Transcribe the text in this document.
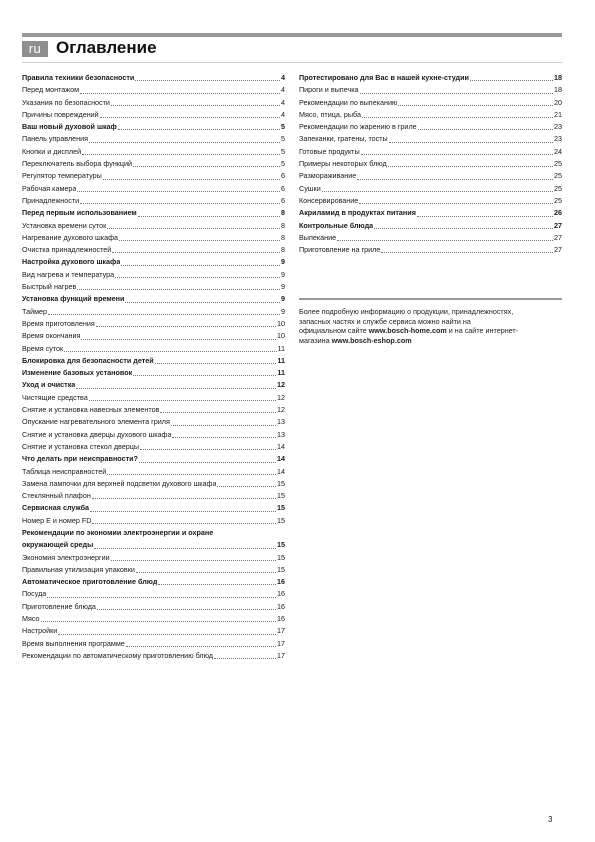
ru Оглавление
Правила техники безопасности	4
Перед монтажом	4
Указания по безопасности	4
Причины повреждений	4
Ваш новый духовой шкаф	5
Панель управления	5
Кнопки и дисплей	5
Переключатель выбора функций	5
Регулятор температуры	6
Рабочая камера	6
Принадлежности	6
Перед первым использованием	8
Установка времени суток	8
Нагревание духового шкафа	8
Очистка принадлежностей	8
Настройка духового шкафа	9
Вид нагрева и температура	9
Быстрый нагрев	9
Установка функций времени	9
Таймер	9
Время приготовления	10
Время окончания	10
Время суток	11
Блокировка для безопасности детей	11
Изменение базовых установок	11
Уход и очистка	12
Чистящие средства	12
Снятие и установка навесных элементов	12
Опускание нагревательного элемента гриля	13
Снятие и установка дверцы духового шкафа	13
Снятие и установка стекол дверцы	14
Что делать при неисправности?	14
Таблица неисправностей	14
Замена лампочки для верхней подсветки духового шкафа	15
Стеклянный плафон	15
Сервисная служба	15
Номер E и номер FD	15
Рекомендации по экономии электроэнергии и охране
окружающей среды	15
Экономия электроэнергии	15
Правильная утилизация упаковки	15
Автоматическое приготовление блюд	16
Посуда	16
Приготовление блюда	16
Мясо	16
Настройки	17
Время выполнения программе	17
Рекомендации по автоматическому приготовлению блюд	17
Протестировано для Вас в нашей кухне-студии	18
Пироги и выпечка	18
Рекомендации по выпеканию	20
Мясо, птица, рыба	21
Рекомендации по жарению в гриле	23
Запеканки, гратены, тосты	23
Готовые продукты	24
Примеры некоторых блюд	25
Размораживание	25
Сушки	25
Консервирование	25
Акриламид в продуктах питания	26
Контрольные блюда	27
Выпекание	27
Приготовление на гриле	27
Более подробную информацию о продукции, принадлежностях,
запасных частях и службе сервиса можно найти на
официальном сайте www.bosch-home.com и на сайте интернет-
магазина www.bosch-eshop.com
3
